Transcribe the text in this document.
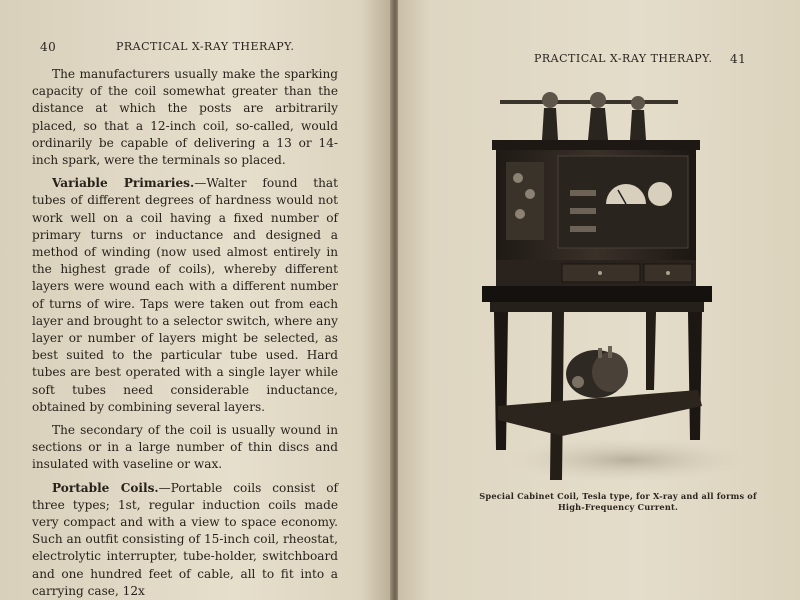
40	PRACTICAL X-RAY THERAPY.

The manufacturers usually make the sparking capacity of the coil somewhat greater than the distance at which the posts are arbitrarily placed, so that a 12-inch coil, so-called, would ordinarily be capable of delivering a 13 or 14-inch spark, were the terminals so placed.

Variable Primaries.—Walter found that tubes of different degrees of hardness would not work well on a coil having a fixed number of primary turns or inductance and designed a method of winding (now used almost entirely in the highest grade of coils), whereby different layers were wound each with a different number of turns of wire. Taps were taken out from each layer and brought to a selector switch, where any layer or number of layers might be selected, as best suited to the particular tube used. Hard tubes are best operated with a single layer while soft tubes need considerable inductance, obtained by combining several layers.

The secondary of the coil is usually wound in sections or in a large number of thin discs and insulated with vaseline or wax.

Portable Coils.—Portable coils consist of three types; 1st, regular induction coils made very compact and with a view to space economy. Such an outfit consisting of 15-inch coil, rheostat, electrolytic interrupter, tube-holder, switchboard and one hundred feet of cable, all to fit into a carrying case, 12x

PRACTICAL X-RAY THERAPY. 41
Special Cabinet Coil, Tesla type, for X-ray and all forms of
High-Frequency Current.
